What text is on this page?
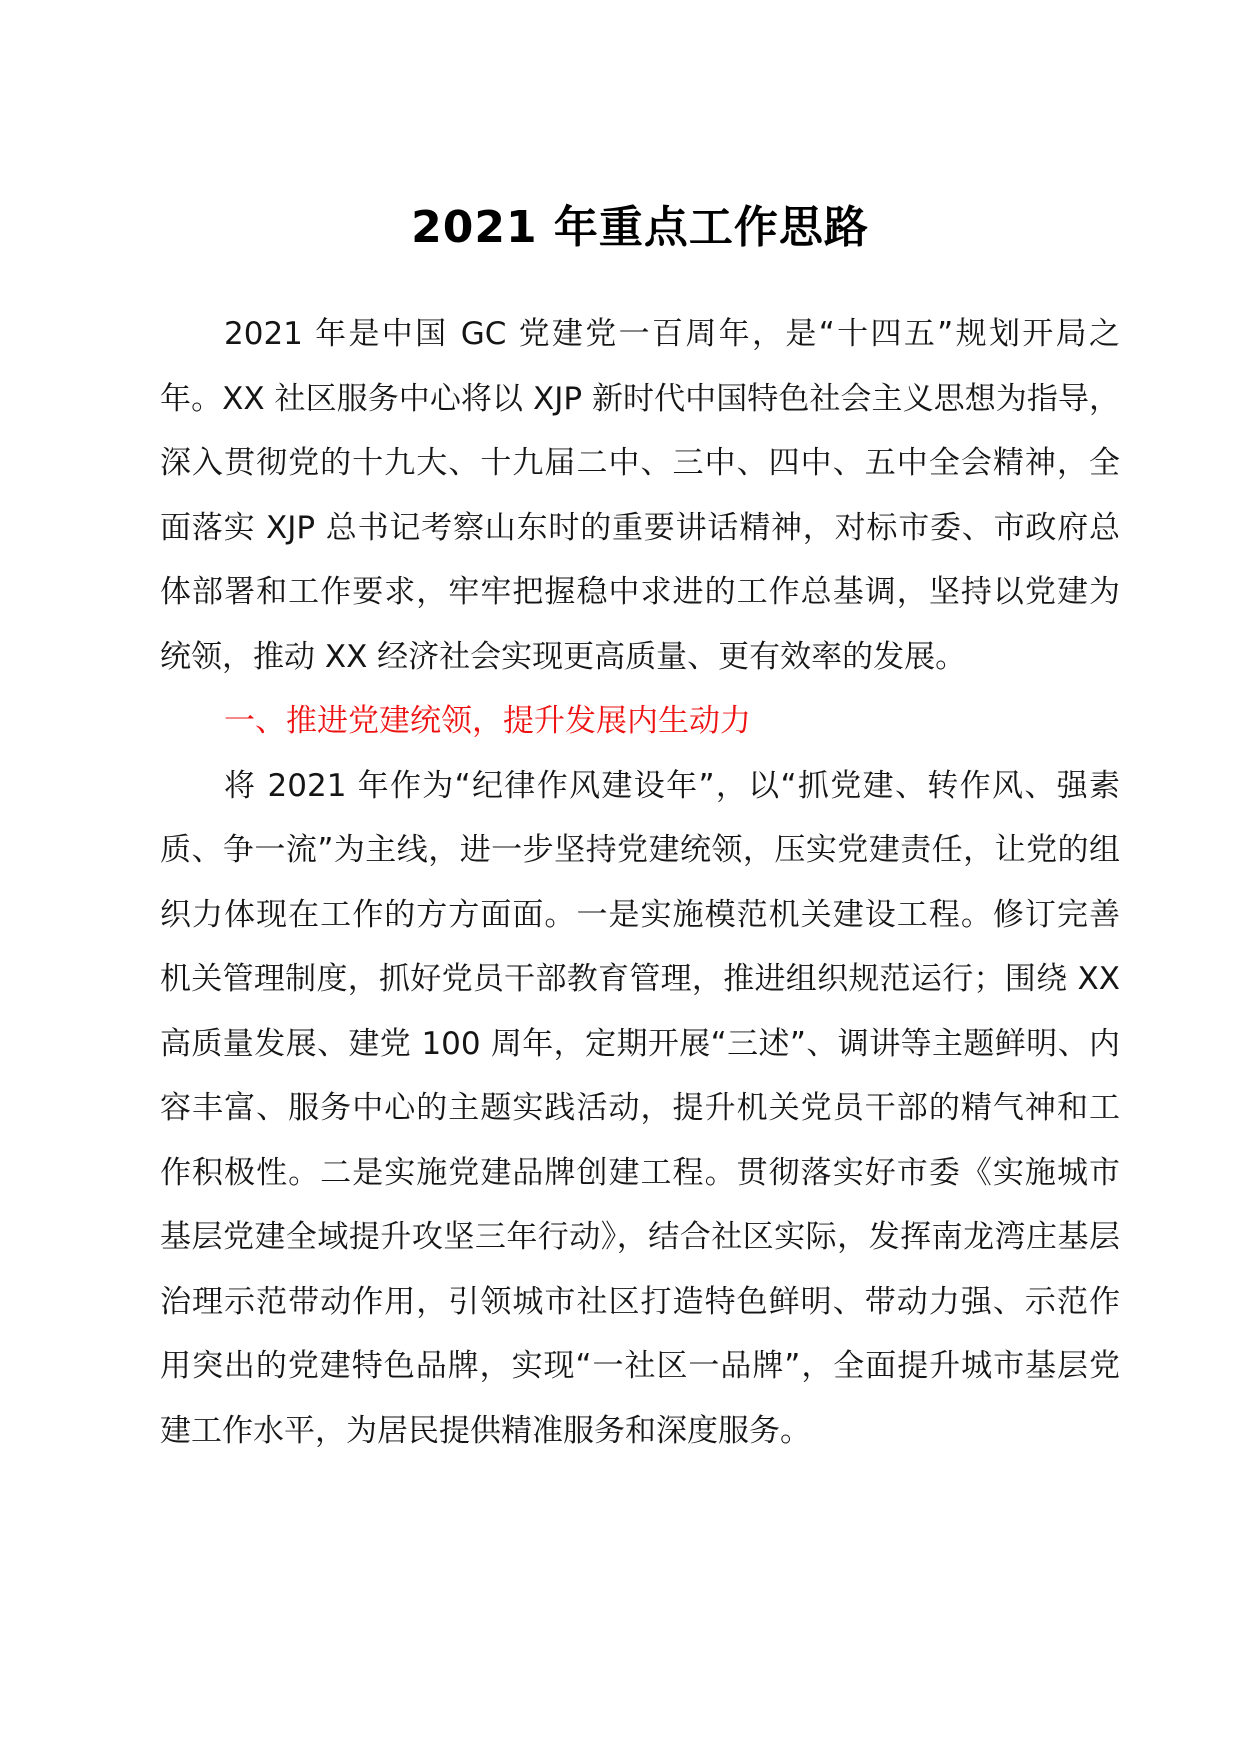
2021 年重点工作思路

2021 年是中国 GC 党建党一百周年，是“十四五”规划开局之年。XX 社区服务中心将以 XJP 新时代中国特色社会主义思想为指导，深入贯彻党的十九大、十九届二中、三中、四中、五中全会精神，全面落实 XJP 总书记考察山东时的重要讲话精神，对标市委、市政府总体部署和工作要求，牢牢把握稳中求进的工作总基调，坚持以党建为统领，推动 XX 经济社会实现更高质量、更有效率的发展。

一、推进党建统领，提升发展内生动力

将 2021 年作为“纪律作风建设年”，以“抓党建、转作风、强素质、争一流”为主线，进一步坚持党建统领，压实党建责任，让党的组织力体现在工作的方方面面。一是实施模范机关建设工程。修订完善机关管理制度，抓好党员干部教育管理，推进组织规范运行；围绕 XX 高质量发展、建党 100 周年，定期开展“三述”、调讲等主题鲜明、内容丰富、服务中心的主题实践活动，提升机关党员干部的精气神和工作积极性。二是实施党建品牌创建工程。贯彻落实好市委《实施城市基层党建全域提升攻坚三年行动》，结合社区实际，发挥南龙湾庄基层治理示范带动作用，引领城市社区打造特色鲜明、带动力强、示范作用突出的党建特色品牌，实现“一社区一品牌”，全面提升城市基层党建工作水平，为居民提供精准服务和深度服务。
